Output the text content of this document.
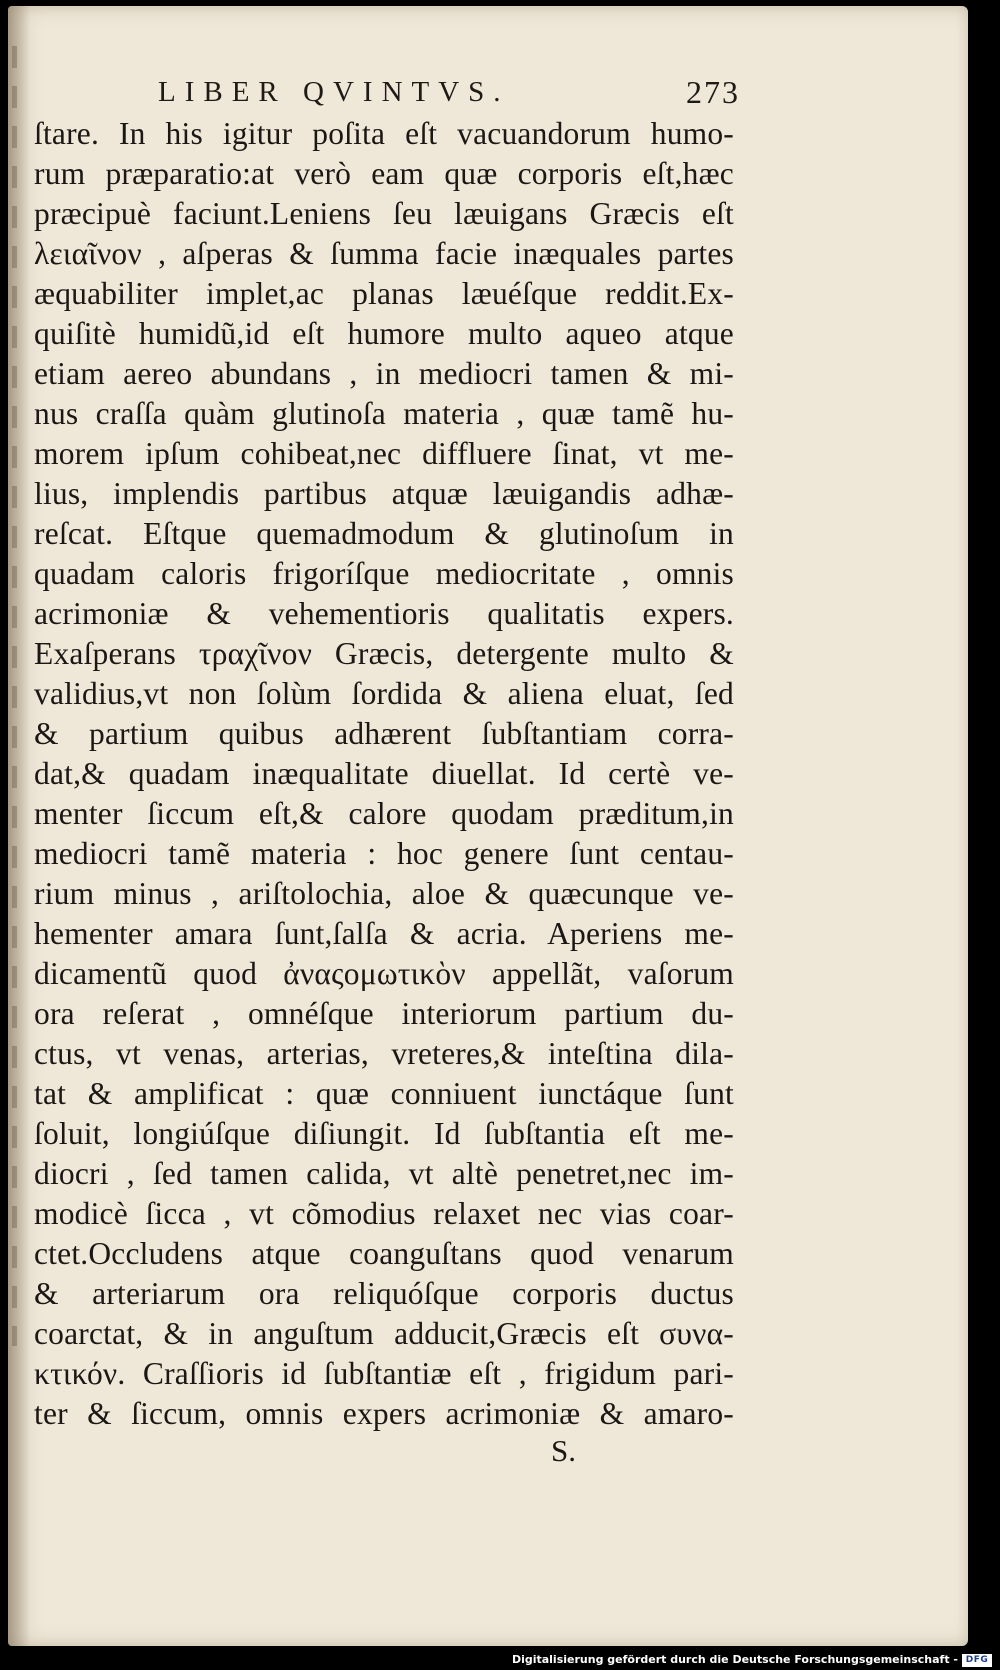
LIBER QVINTVS.	273
ſtare. In his igitur poſita eſt vacuandorum humo-
rum præparatio:at verò eam quæ corporis eſt,hæc
præcipuè faciunt.Leniens ſeu læuigans Græcis eſt
λειαῖνον , aſperas & ſumma facie inæquales partes
æquabiliter implet,ac planas læuéſque reddit.Ex-
quiſitè humidũ,id eſt humore multo aqueo atque
etiam aereo abundans , in mediocri tamen & mi-
nus craſſa quàm glutinoſa materia , quæ tamẽ hu-
morem ipſum cohibeat,nec diffluere ſinat, vt me-
lius, implendis partibus atquæ læuigandis adhæ-
reſcat. Eſtque quemadmodum & glutinoſum in
quadam caloris frigoríſque mediocritate , omnis
acrimoniæ & vehementioris qualitatis expers.
Exaſperans τραχῖνον Græcis, detergente multo &
validius,vt non ſolùm ſordida & aliena eluat, ſed
& partium quibus adhærent ſubſtantiam corra-
dat,& quadam inæqualitate diuellat. Id certè ve-
menter ſiccum eſt,& calore quodam præditum,in
mediocri tamẽ materia : hoc genere ſunt centau-
rium minus , ariſtolochia, aloe & quæcunque ve-
hementer amara ſunt,ſalſa & acria. Aperiens me-
dicamentũ quod ἀναςομωτικὸν appellãt, vaſorum
ora reſerat , omnéſque interiorum partium du-
ctus, vt venas, arterias, vreteres,& inteſtina dila-
tat & amplificat : quæ conniuent iunctáque ſunt
ſoluit, longiúſque diſiungit. Id ſubſtantia eſt me-
diocri , ſed tamen calida, vt altè penetret,nec im-
modicè ſicca , vt cõmodius relaxet nec vias coar-
ctet.Occludens atque coanguſtans quod venarum
& arteriarum ora reliquóſque corporis ductus
coarctat, & in anguſtum adducit,Græcis eſt συνα-
κτικόν. Craſſioris id ſubſtantiæ eſt , frigidum pari-
ter & ſiccum, omnis expers acrimoniæ & amaro-
S.
Digitalisierung gefördert durch die Deutsche Forschungsgemeinschaft - DFG
